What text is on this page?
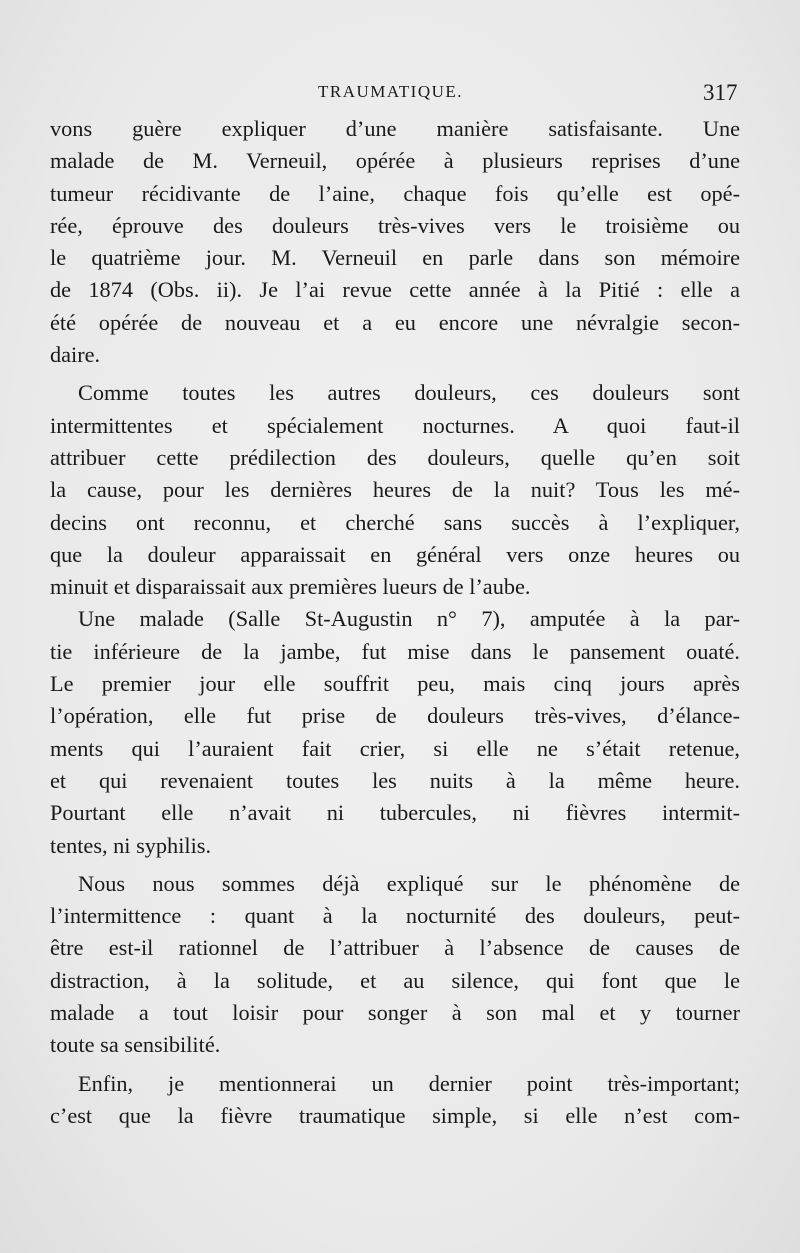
TRAUMATIQUE.	317
vons guère expliquer d’une manière satisfaisante. Une
malade de M. Verneuil, opérée à plusieurs reprises d’une
tumeur récidivante de l’aine, chaque fois qu’elle est opé-
rée, éprouve des douleurs très-vives vers le troisième ou
le quatrième jour. M. Verneuil en parle dans son mémoire
de 1874 (Obs. ii). Je l’ai revue cette année à la Pitié : elle a
été opérée de nouveau et a eu encore une névralgie secon-
daire.
Comme toutes les autres douleurs, ces douleurs sont
intermittentes et spécialement nocturnes. A quoi faut-il
attribuer cette prédilection des douleurs, quelle qu’en soit
la cause, pour les dernières heures de la nuit? Tous les mé-
decins ont reconnu, et cherché sans succès à l’expliquer,
que la douleur apparaissait en général vers onze heures ou
minuit et disparaissait aux premières lueurs de l’aube.
Une malade (Salle St-Augustin n° 7), amputée à la par-
tie inférieure de la jambe, fut mise dans le pansement ouaté.
Le premier jour elle souffrit peu, mais cinq jours après
l’opération, elle fut prise de douleurs très-vives, d’élance-
ments qui l’auraient fait crier, si elle ne s’était retenue,
et qui revenaient toutes les nuits à la même heure.
Pourtant elle n’avait ni tubercules, ni fièvres intermit-
tentes, ni syphilis.
Nous nous sommes déjà expliqué sur le phénomène de
l’intermittence : quant à la nocturnité des douleurs, peut-
être est-il rationnel de l’attribuer à l’absence de causes de
distraction, à la solitude, et au silence, qui font que le
malade a tout loisir pour songer à son mal et y tourner
toute sa sensibilité.
Enfin, je mentionnerai un dernier point très-important;
c’est que la fièvre traumatique simple, si elle n’est com-
